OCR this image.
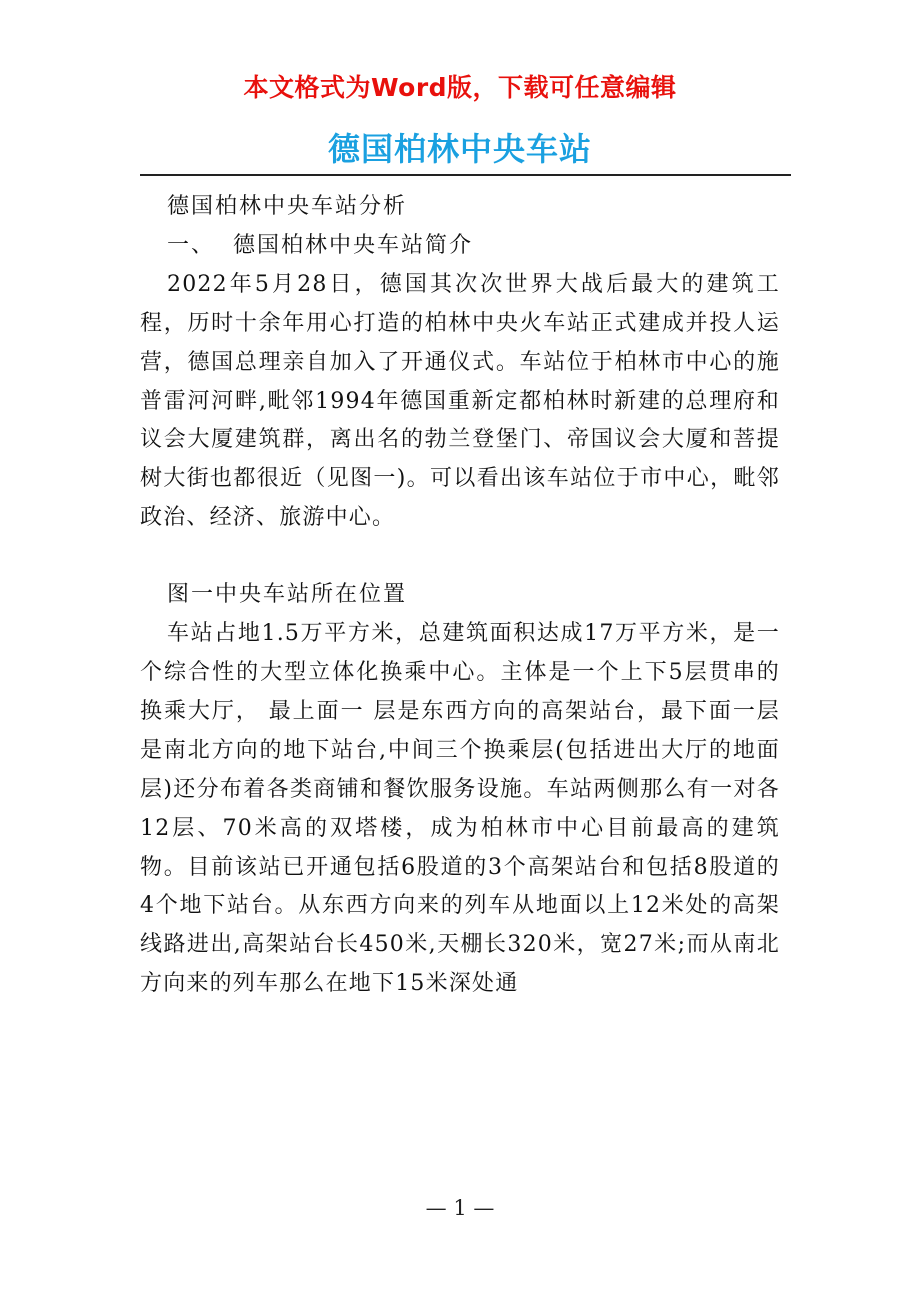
本文格式为Word版，下载可任意编辑
德国柏林中央车站

德国柏林中央车站分析

一、  德国柏林中央车站简介

2022年5月28日，德国其次次世界大战后最大的建筑工程，历时十余年用心打造的柏林中央火车站正式建成并投人运营，德国总理亲自加入了开通仪式。车站位于柏林市中心的施普雷河河畔,毗邻1994年德国重新定都柏林时新建的总理府和议会大厦建筑群，离出名的勃兰登堡门、帝国议会大厦和菩提树大街也都很近（见图一)。可以看出该车站位于市中心，毗邻政治、经济、旅游中心。

图一中央车站所在位置

车站占地1.5万平方米，总建筑面积达成17万平方米，是一个综合性的大型立体化换乘中心。主体是一个上下5层贯串的换乘大厅， 最上面一 层是东西方向的高架站台，最下面一层是南北方向的地下站台,中间三个换乘层(包括进出大厅的地面层)还分布着各类商铺和餐饮服务设施。车站两侧那么有一对各12层、70米高的双塔楼，成为柏林市中心目前最高的建筑物。目前该站已开通包括6股道的3个高架站台和包括8股道的4个地下站台。从东西方向来的列车从地面以上12米处的高架线路进出,高架站台长450米,天棚长320米，宽27米;而从南北方向来的列车那么在地下15米深处通

— 1 —
